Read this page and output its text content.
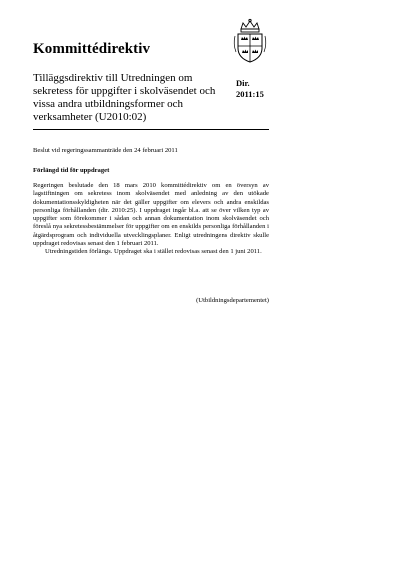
Kommittédirektiv
Tilläggsdirektiv till Utredningen om sekretess för uppgifter i skolväsendet och vissa andra utbildningsformer och verksamheter (U2010:02)
Dir.
2011:15
Beslut vid regeringssammanträde den 24 februari 2011
Förlängd tid för uppdraget

Regeringen beslutade den 18 mars 2010 kommittédirektiv om en översyn av lagstiftningen om sekretess inom skolväsendet med anledning av den utökade dokumentationsskyldigheten när det gäller uppgifter om elevers och andra enskildas personliga förhållanden (dir. 2010:25). I uppdraget ingår bl.a. att se över vilken typ av uppgifter som förekommer i sådan och annan dokumentation inom skolväsendet och föreslå nya sekretessbestämmelser för uppgifter om en enskilds personliga förhållanden i åtgärdsprogram och individuella utvecklingsplaner. Enligt utredningens direktiv skulle uppdraget redovisas senast den 1 februari 2011.

Utredningstiden förlängs. Uppdraget ska i stället redovisas senast den 1 juni 2011.

(Utbildningsdepartementet)
